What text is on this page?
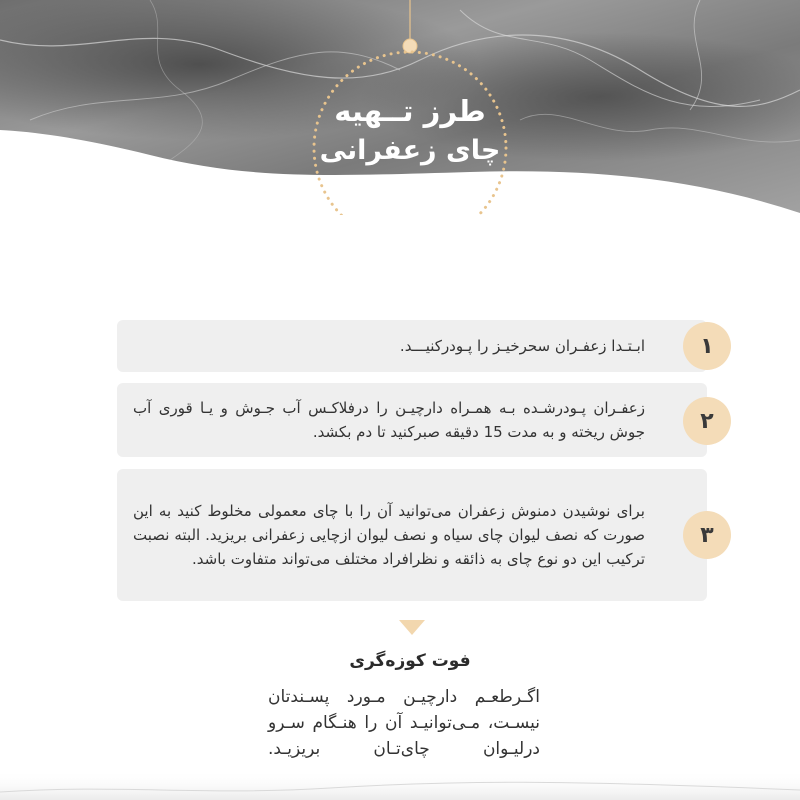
طرز تــهیه
چای زعفرانی
ابـتـدا زعفـران سحرخیـز را پـودرکنیـــد.	۱
زعفـران پـودرشـده بـه همـراه دارچیـن را درفلاکـس آب جـوش و یـا قوری آب جوش ریخته و به مدت 15 دقیقه صبرکنید تا دم بکشد.	۲
برای نوشیدن دمنوش زعفران می‌توانید آن را با چای معمولی مخلوط کنید به این صورت که نصف لیوان چای سیاه و نصف لیوان ازچایی زعفرانی بریزید. البته نصبت ترکیب این دو نوع چای به ذائقه و نظرافراد مختلف می‌تواند متفاوت باشد.
۳
فوت کوزه‌گری
اگـرطعـم دارچیـن مـورد پسـندتان نیسـت، مـی‌توانیـد آن را هنـگام سـرو درلیـوان چای‌تـان بریزیـد.
